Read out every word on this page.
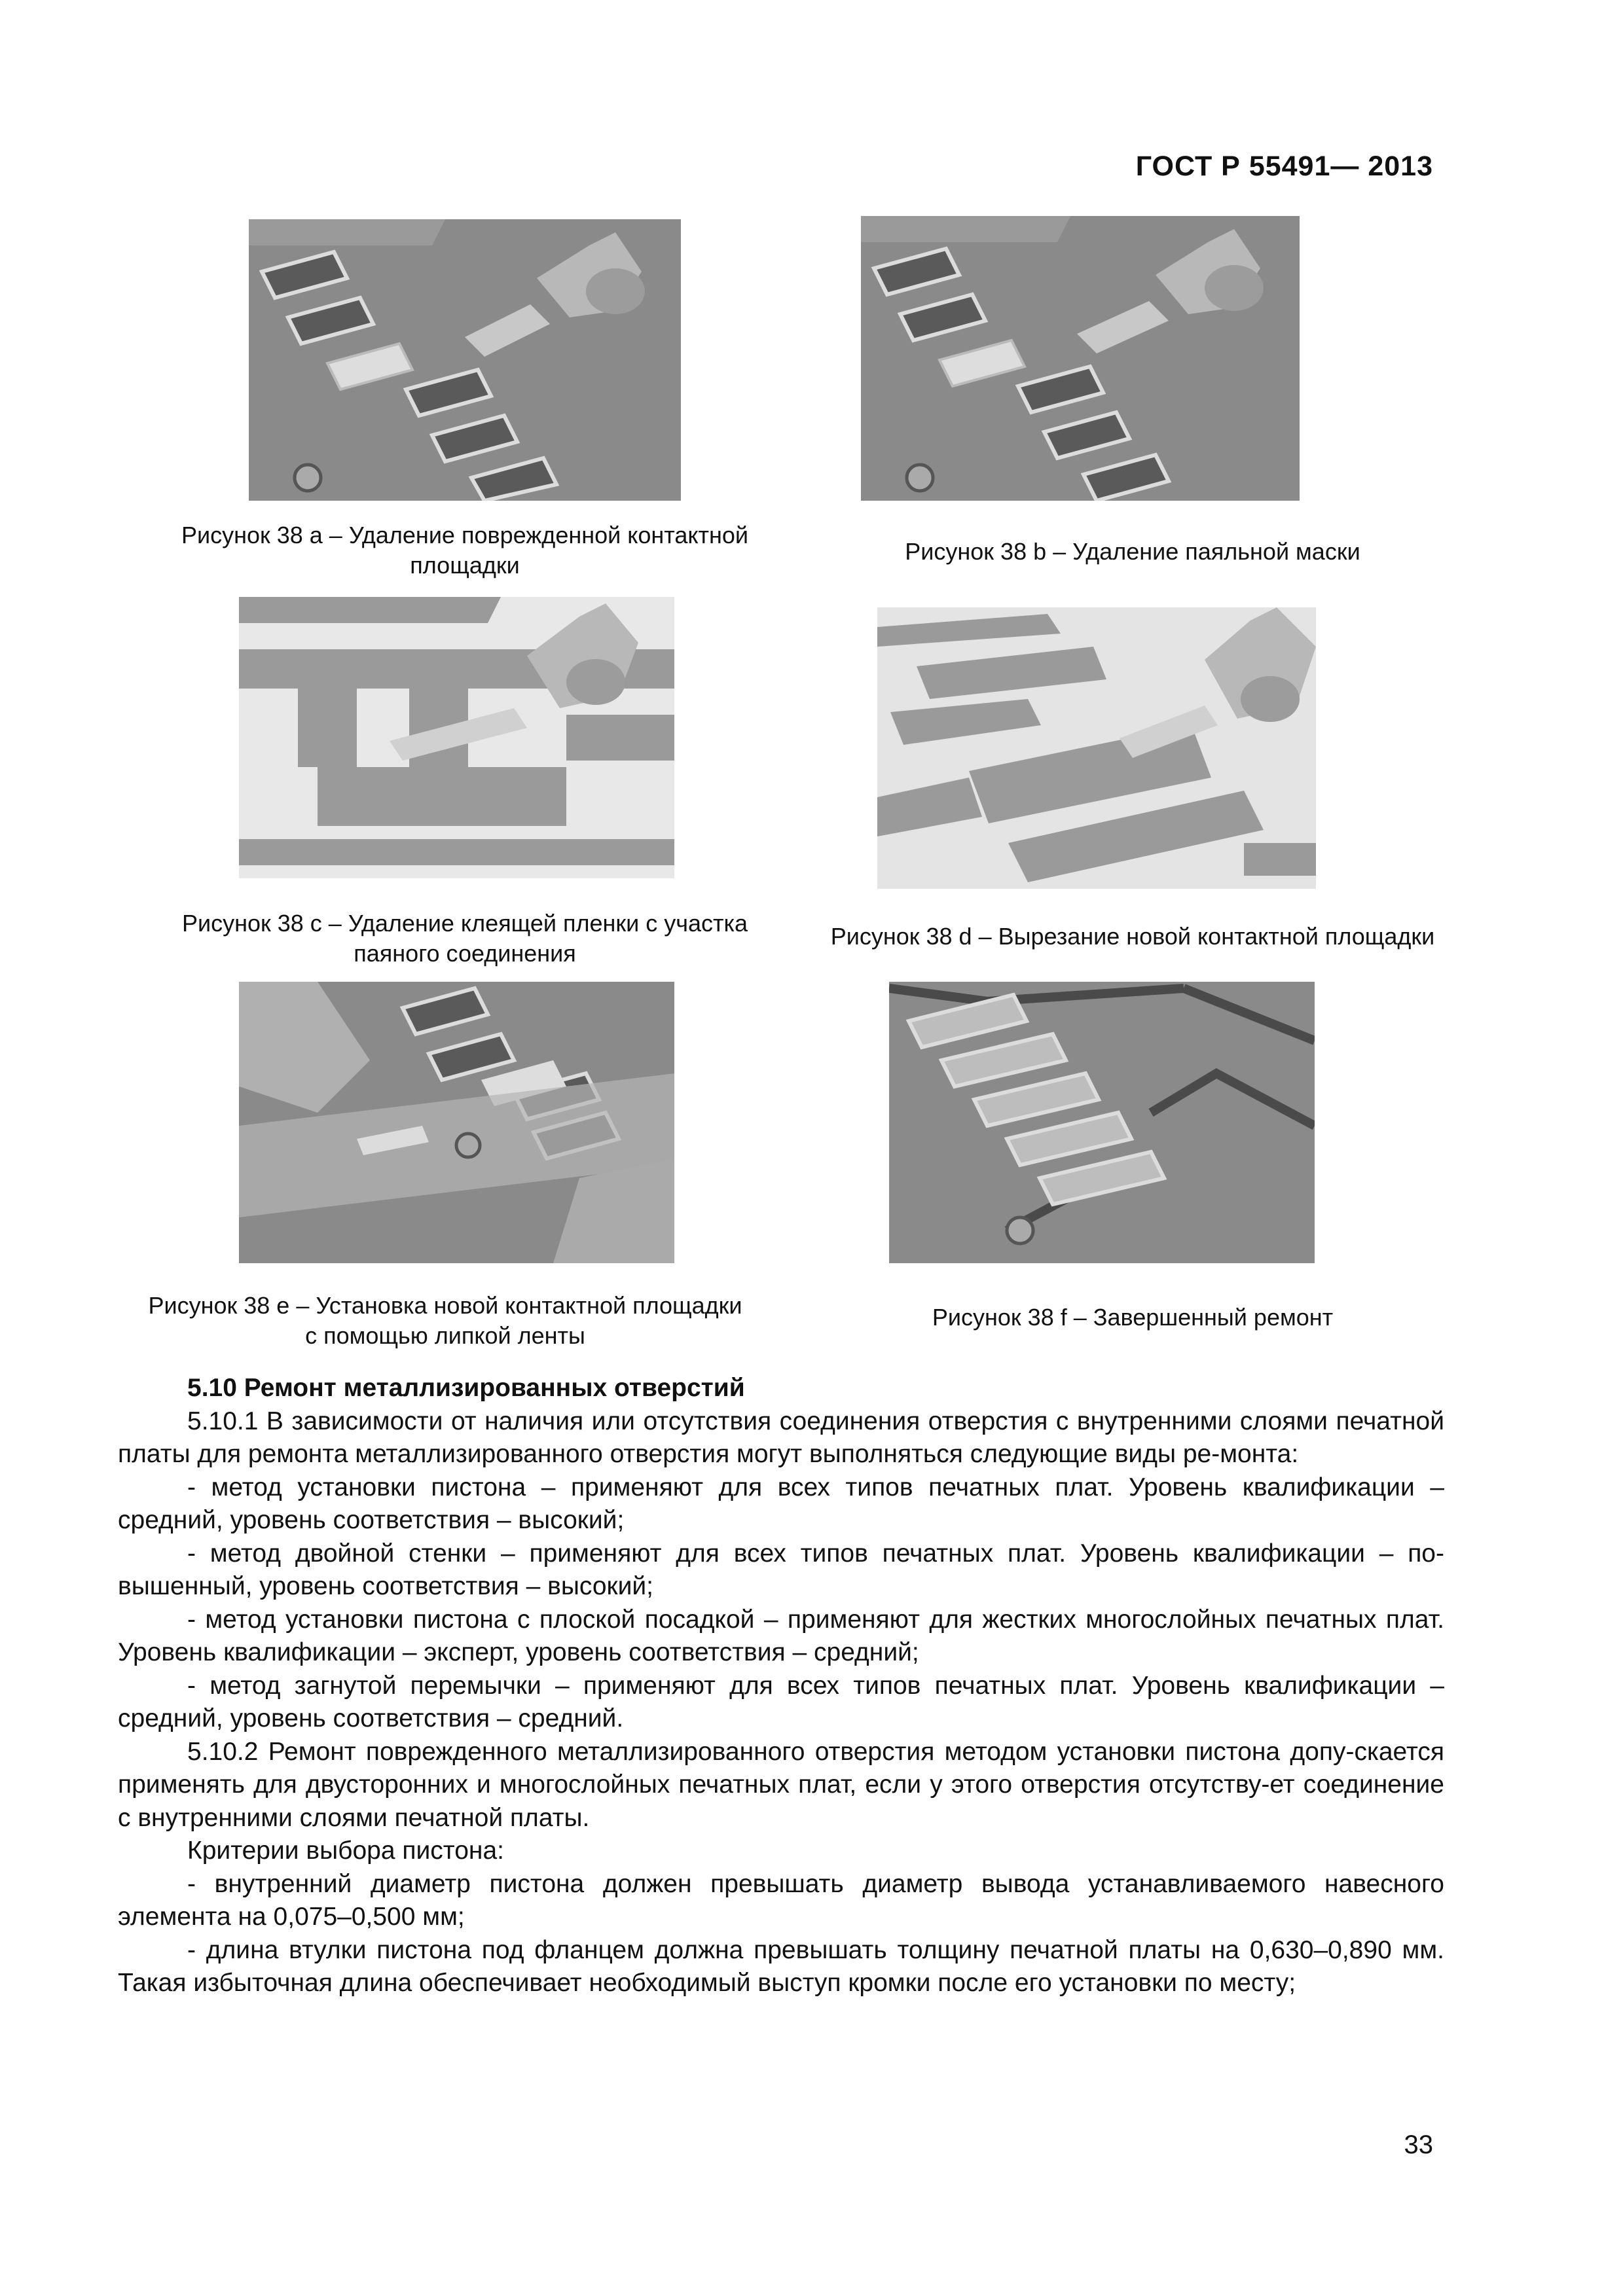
ГОСТ Р 55491— 2013
Рисунок 38 a – Удаление поврежденной контактной
площадки
Рисунок 38 b – Удаление паяльной маски
Рисунок 38 c – Удаление клеящей пленки с участка
паяного соединения
Рисунок 38 d – Вырезание новой контактной площадки
Рисунок 38 e – Установка новой контактной площадки
с помощью липкой ленты
Рисунок 38 f – Завершенный ремонт

5.10 Ремонт металлизированных отверстий

5.10.1 В зависимости от наличия или отсутствия соединения отверстия с внутренними слоями печатной платы для ремонта металлизированного отверстия могут выполняться следующие виды ре-монта:

- метод установки пистона – применяют для всех типов печатных плат. Уровень квалификации – средний, уровень соответствия – высокий;

- метод двойной стенки – применяют для всех типов печатных плат. Уровень квалификации – по-вышенный, уровень соответствия – высокий;

- метод установки пистона с плоской посадкой – применяют для жестких многослойных печатных плат. Уровень квалификации – эксперт, уровень соответствия – средний;

- метод загнутой перемычки – применяют для всех типов печатных плат. Уровень квалификации – средний, уровень соответствия – средний.

5.10.2 Ремонт поврежденного металлизированного отверстия методом установки пистона допу-скается применять для двусторонних и многослойных печатных плат, если у этого отверстия отсутству-ет соединение с внутренними слоями печатной платы.

Критерии выбора пистона:

- внутренний диаметр пистона должен превышать диаметр вывода устанавливаемого навесного элемента на 0,075–0,500 мм;

- длина втулки пистона под фланцем должна превышать толщину печатной платы на 0,630–0,890 мм. Такая избыточная длина обеспечивает необходимый выступ кромки после его установки по месту;

33
